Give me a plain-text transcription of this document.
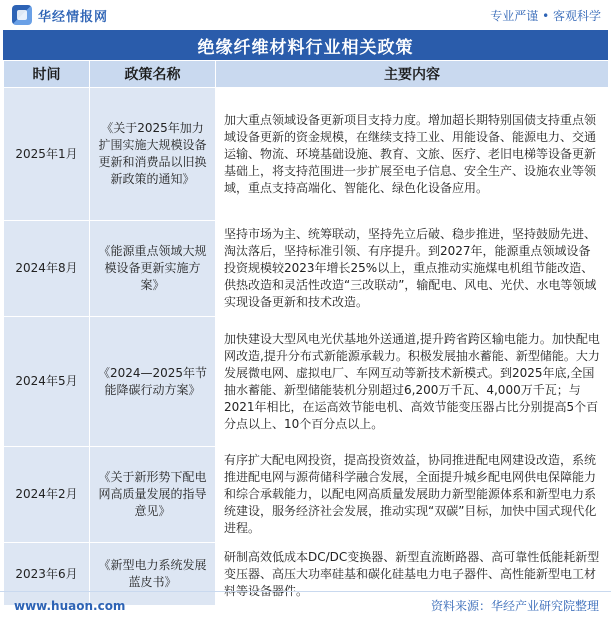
华经情报网	专业严谨 • 客观科学
绝缘纤维材料行业相关政策
时间	政策名称	主要内容
2025年1月	《关于2025年加力扩围实施大规模设备更新和消费品以旧换新政策的通知》	加大重点领域设备更新项目支持力度。增加超长期特别国债支持重点领域设备更新的资金规模，在继续支持工业、用能设备、能源电力、交通运输、物流、环境基础设施、教育、文旅、医疗、老旧电梯等设备更新基础上，将支持范围进一步扩展至电子信息、安全生产、设施农业等领域，重点支持高端化、智能化、绿色化设备应用。
2024年8月	《能源重点领域大规模设备更新实施方案》	坚持市场为主、统筹联动，坚持先立后破、稳步推进，坚持鼓励先进、淘汰落后，坚持标准引领、有序提升。到2027年，能源重点领域设备投资规模较2023年增长25%以上，重点推动实施煤电机组节能改造、供热改造和灵活性改造“三改联动”，输配电、风电、光伏、水电等领域实现设备更新和技术改造。
2024年5月	《2024—2025年节能降碳行动方案》	加快建设大型风电光伏基地外送通道,提升跨省跨区输电能力。加快配电网改造,提升分布式新能源承载力。积极发展抽水蓄能、新型储能。大力发展微电网、虚拟电厂、车网互动等新技术新模式。到2025年底,全国抽水蓄能、新型储能装机分别超过6,200万千瓦、4,000万千瓦；与2021年相比，在运高效节能电机、高效节能变压器占比分别提高5个百分点以上、10个百分点以上。
2024年2月	《关于新形势下配电网高质量发展的指导意见》	有序扩大配电网投资，提高投资效益，协同推进配电网建设改造，系统推进配电网与源荷储科学融合发展，全面提升城乡配电网供电保障能力和综合承载能力，以配电网高质量发展助力新型能源体系和新型电力系统建设，服务经济社会发展，推动实现“双碳”目标，加快中国式现代化进程。
2023年6月	《新型电力系统发展蓝皮书》	研制高效低成本DC/DC变换器、新型直流断路器、高可靠性低能耗新型变压器、高压大功率硅基和碳化硅基电力电子器件、高性能新型电工材料等设备器件。
www.huaon.com	资料来源：华经产业研究院整理
